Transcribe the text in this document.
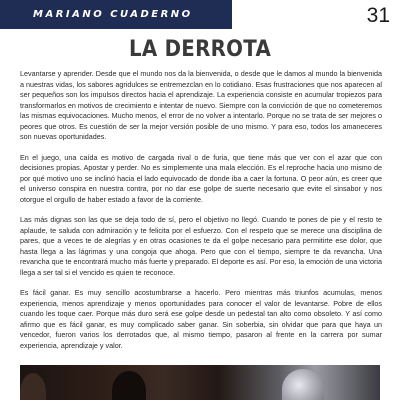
MARIANO CUADERNO	31
LA DERROTA

Levantarse y aprender. Desde que el mundo nos da la bienvenida, o desde que le damos al mundo la bienvenida a nuestras vidas, los sabores agridulces se entremezclan en lo cotidiano. Esas frustraciones que nos aparecen al ser pequeños son los impulsos directos hacia el aprendizaje. La experiencia consiste en acumular tropiezos para transformarlos en motivos de crecimiento e intentar de nuevo. Siempre con la convicción de que no cometeremos las mismas equivocaciones. Mucho menos, el error de no volver a intentarlo. Porque no se trata de ser mejores o peores que otros. Es cuestión de ser la mejor versión posible de uno mismo. Y para eso, todos los amaneceres son nuevas oportunidades.

En el juego, una caída es motivo de cargada rival o de furia, que tiene más que ver con el azar que con decisiones propias. Apostar y perder. No es simplemente una mala elección. Es el reproche hacia uno mismo de por qué motivo uno se inclinó hacia el lado equivocado de donde iba a caer la fortuna. O peor aún, es creer que el universo conspira en nuestra contra, por no dar ese golpe de suerte necesario que evite el sinsabor y nos otorgue el orgullo de haber estado a favor de la corriente.

Las más dignas son las que se deja todo de sí, pero el objetivo no llegó. Cuando te pones de pie y el resto te aplaude, te saluda con admiración y te felicita por el esfuerzo. Con el respeto que se merece una disciplina de pares, que a veces te de alegrías y en otras ocasiones te da el golpe necesario para permitirte ese dolor, que hasta llega a las lágrimas y una congoja que ahoga. Pero que con el tiempo, siempre te da revancha. Una revancha que te encontrará mucho más fuerte y preparado. El deporte es así. Por eso, la emoción de una victoria llega a ser tal si el vencido es quien te reconoce.

Es fácil ganar. Es muy sencillo acostumbrarse a hacerlo. Pero mientras más triunfos acumulas, menos experiencia, menos aprendizaje y menos oportunidades para conocer el valor de levantarse. Pobre de ellos cuando les toque caer. Porque más duro será ese golpe desde un pedestal tan alto como obsoleto. Y así como afirmo que es fácil ganar, es muy complicado saber ganar. Sin soberbia, sin olvidar que para que haya un vencedor, fueron varios los derrotados que, al mismo tiempo, pasaron al frente en la carrera por sumar experiencia, aprendizaje y valor.
